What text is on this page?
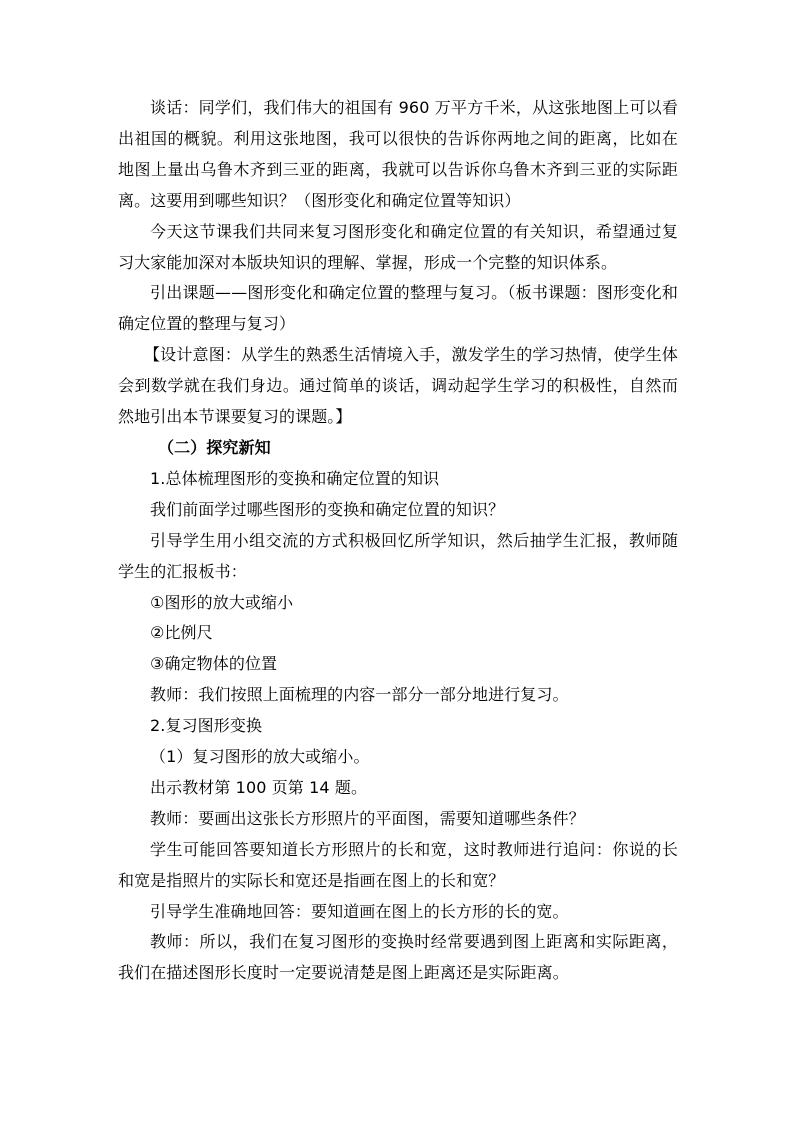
谈话：同学们，我们伟大的祖国有 960 万平方千米，从这张地图上可以看出祖国的概貌。利用这张地图，我可以很快的告诉你两地之间的距离，比如在地图上量出乌鲁木齐到三亚的距离，我就可以告诉你乌鲁木齐到三亚的实际距离。这要用到哪些知识？（图形变化和确定位置等知识）

今天这节课我们共同来复习图形变化和确定位置的有关知识，希望通过复习大家能加深对本版块知识的理解、掌握，形成一个完整的知识体系。

引出课题——图形变化和确定位置的整理与复习。（板书课题：图形变化和确定位置的整理与复习）

【设计意图：从学生的熟悉生活情境入手，激发学生的学习热情，使学生体会到数学就在我们身边。通过简单的谈话，调动起学生学习的积极性，自然而然地引出本节课要复习的课题。】

（二）探究新知

1.总体梳理图形的变换和确定位置的知识

我们前面学过哪些图形的变换和确定位置的知识？

引导学生用小组交流的方式积极回忆所学知识，然后抽学生汇报，教师随学生的汇报板书：

①图形的放大或缩小

②比例尺

③确定物体的位置

教师：我们按照上面梳理的内容一部分一部分地进行复习。

2.复习图形变换

（1）复习图形的放大或缩小。

出示教材第 100 页第 14 题。

教师：要画出这张长方形照片的平面图，需要知道哪些条件？

学生可能回答要知道长方形照片的长和宽，这时教师进行追问：你说的长和宽是指照片的实际长和宽还是指画在图上的长和宽？

引导学生准确地回答：要知道画在图上的长方形的长的宽。

教师：所以，我们在复习图形的变换时经常要遇到图上距离和实际距离，我们在描述图形长度时一定要说清楚是图上距离还是实际距离。
